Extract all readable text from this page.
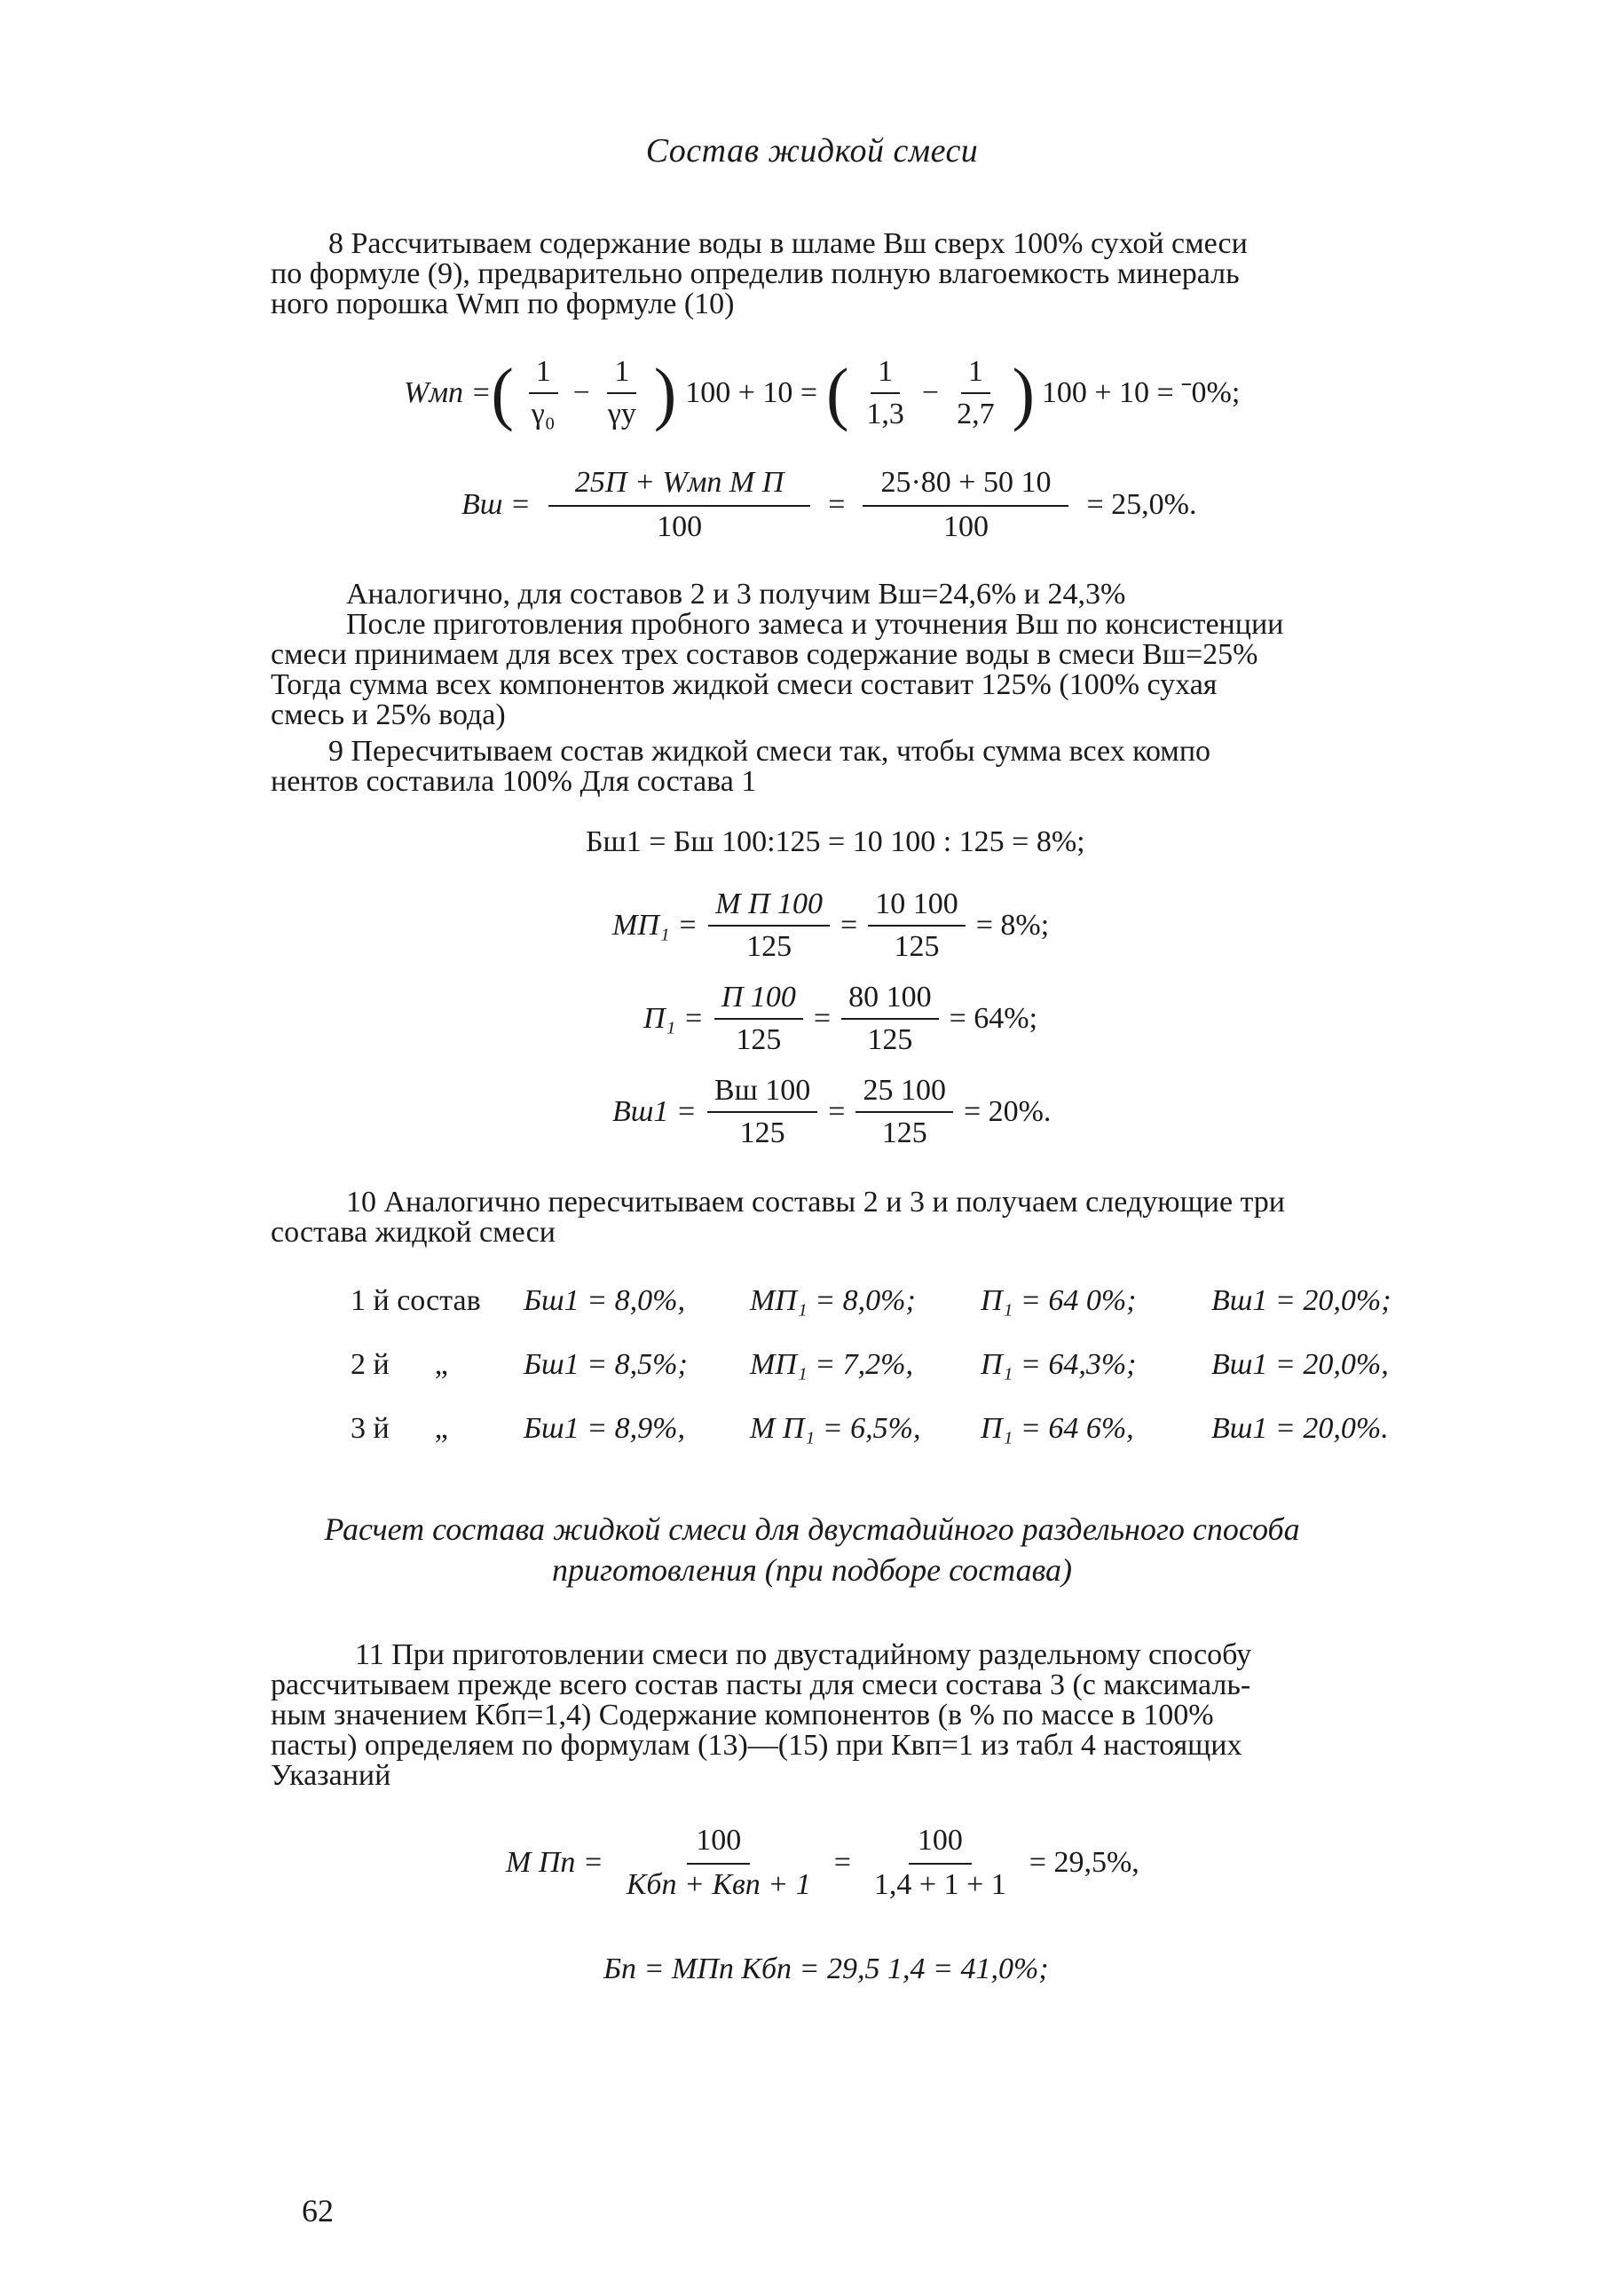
Состав жидкой смеси
8 Рассчитываем содержание воды в шламе Вш сверх 100% сухой смеси
по формуле (9), предварительно определив полную влагоемкость минераль
ного порошка Wмп по формуле (10)
Wмп = ( $\frac{1}{\text{γ₀}} - \frac{1}{\gamma у}$ ) 100 + 10 = ( $\frac{1}{1,3} - \frac{1}{2,7}$ ) 100 + 10 = ˉ0%;
Вш = $\frac{\text{25П + Wмп М П}}{100} = \frac{25\cdot 80 + 50 10}{100} = 25,0\%$.
Аналогично, для составов 2 и 3 получим Вш=24,6% и 24,3%
После приготовления пробного замеса и уточнения Вш по консистенции
смеси принимаем для всех трех составов содержание воды в смеси Вш=25%
Тогда сумма всех компонентов жидкой смеси составит 125% (100% сухая
смесь и 25% вода)
9 Пересчитываем состав жидкой смеси так, чтобы сумма всех компо
нентов составила 100% Для состава 1
Бш1 = Бш 100:125 = 10 100 : 125 = 8%;
$МП_1 = \frac{\text{М П 100}}{125} = \frac{10 100}{125} = 8\%$;
$П_1 = \frac{П 100}{125} = \frac{80 100}{125} = 64\%$;
$Вш1 = \frac{Вш 100}{125} = \frac{25 100}{125} = 20\%$.
10 Аналогично пересчитываем составы 2 и 3 и получаем следующие три
состава жидкой смеси
1 й состав	Бш1 = 8,0%,	МП₁ = 8,0%;	П₁ = 64 0%;	Вш1 = 20,0%;
2 й      „	Бш1 = 8,5%;	МП₁ = 7,2%,	П₁ = 64,3%;	Вш1 = 20,0%,
3 й      „	Бш1 = 8,9%,	М П₁ = 6,5%,	П₁ = 64 6%,	Вш1 = 20,0%.
Расчет состава жидкой смеси для двустадийного раздельного способа
приготовления (при подборе состава)
11 При приготовлении смеси по двустадийному раздельному способу
рассчитываем прежде всего состав пасты для смеси состава 3 (с максималь-
ным значением Кбп=1,4) Содержание компонентов (в % по массе в 100%
пасты) определяем по формулам (13)—(15) при Квп=1 из табл 4 настоящих
Указаний
М Пп = $\frac{100}{\text{Кбп + Квп + 1}} = \frac{100}{1,4 + 1 + 1} = 29,5\%$,
Бп = МПп Кбп = 29,5 1,4 = 41,0%;
62
